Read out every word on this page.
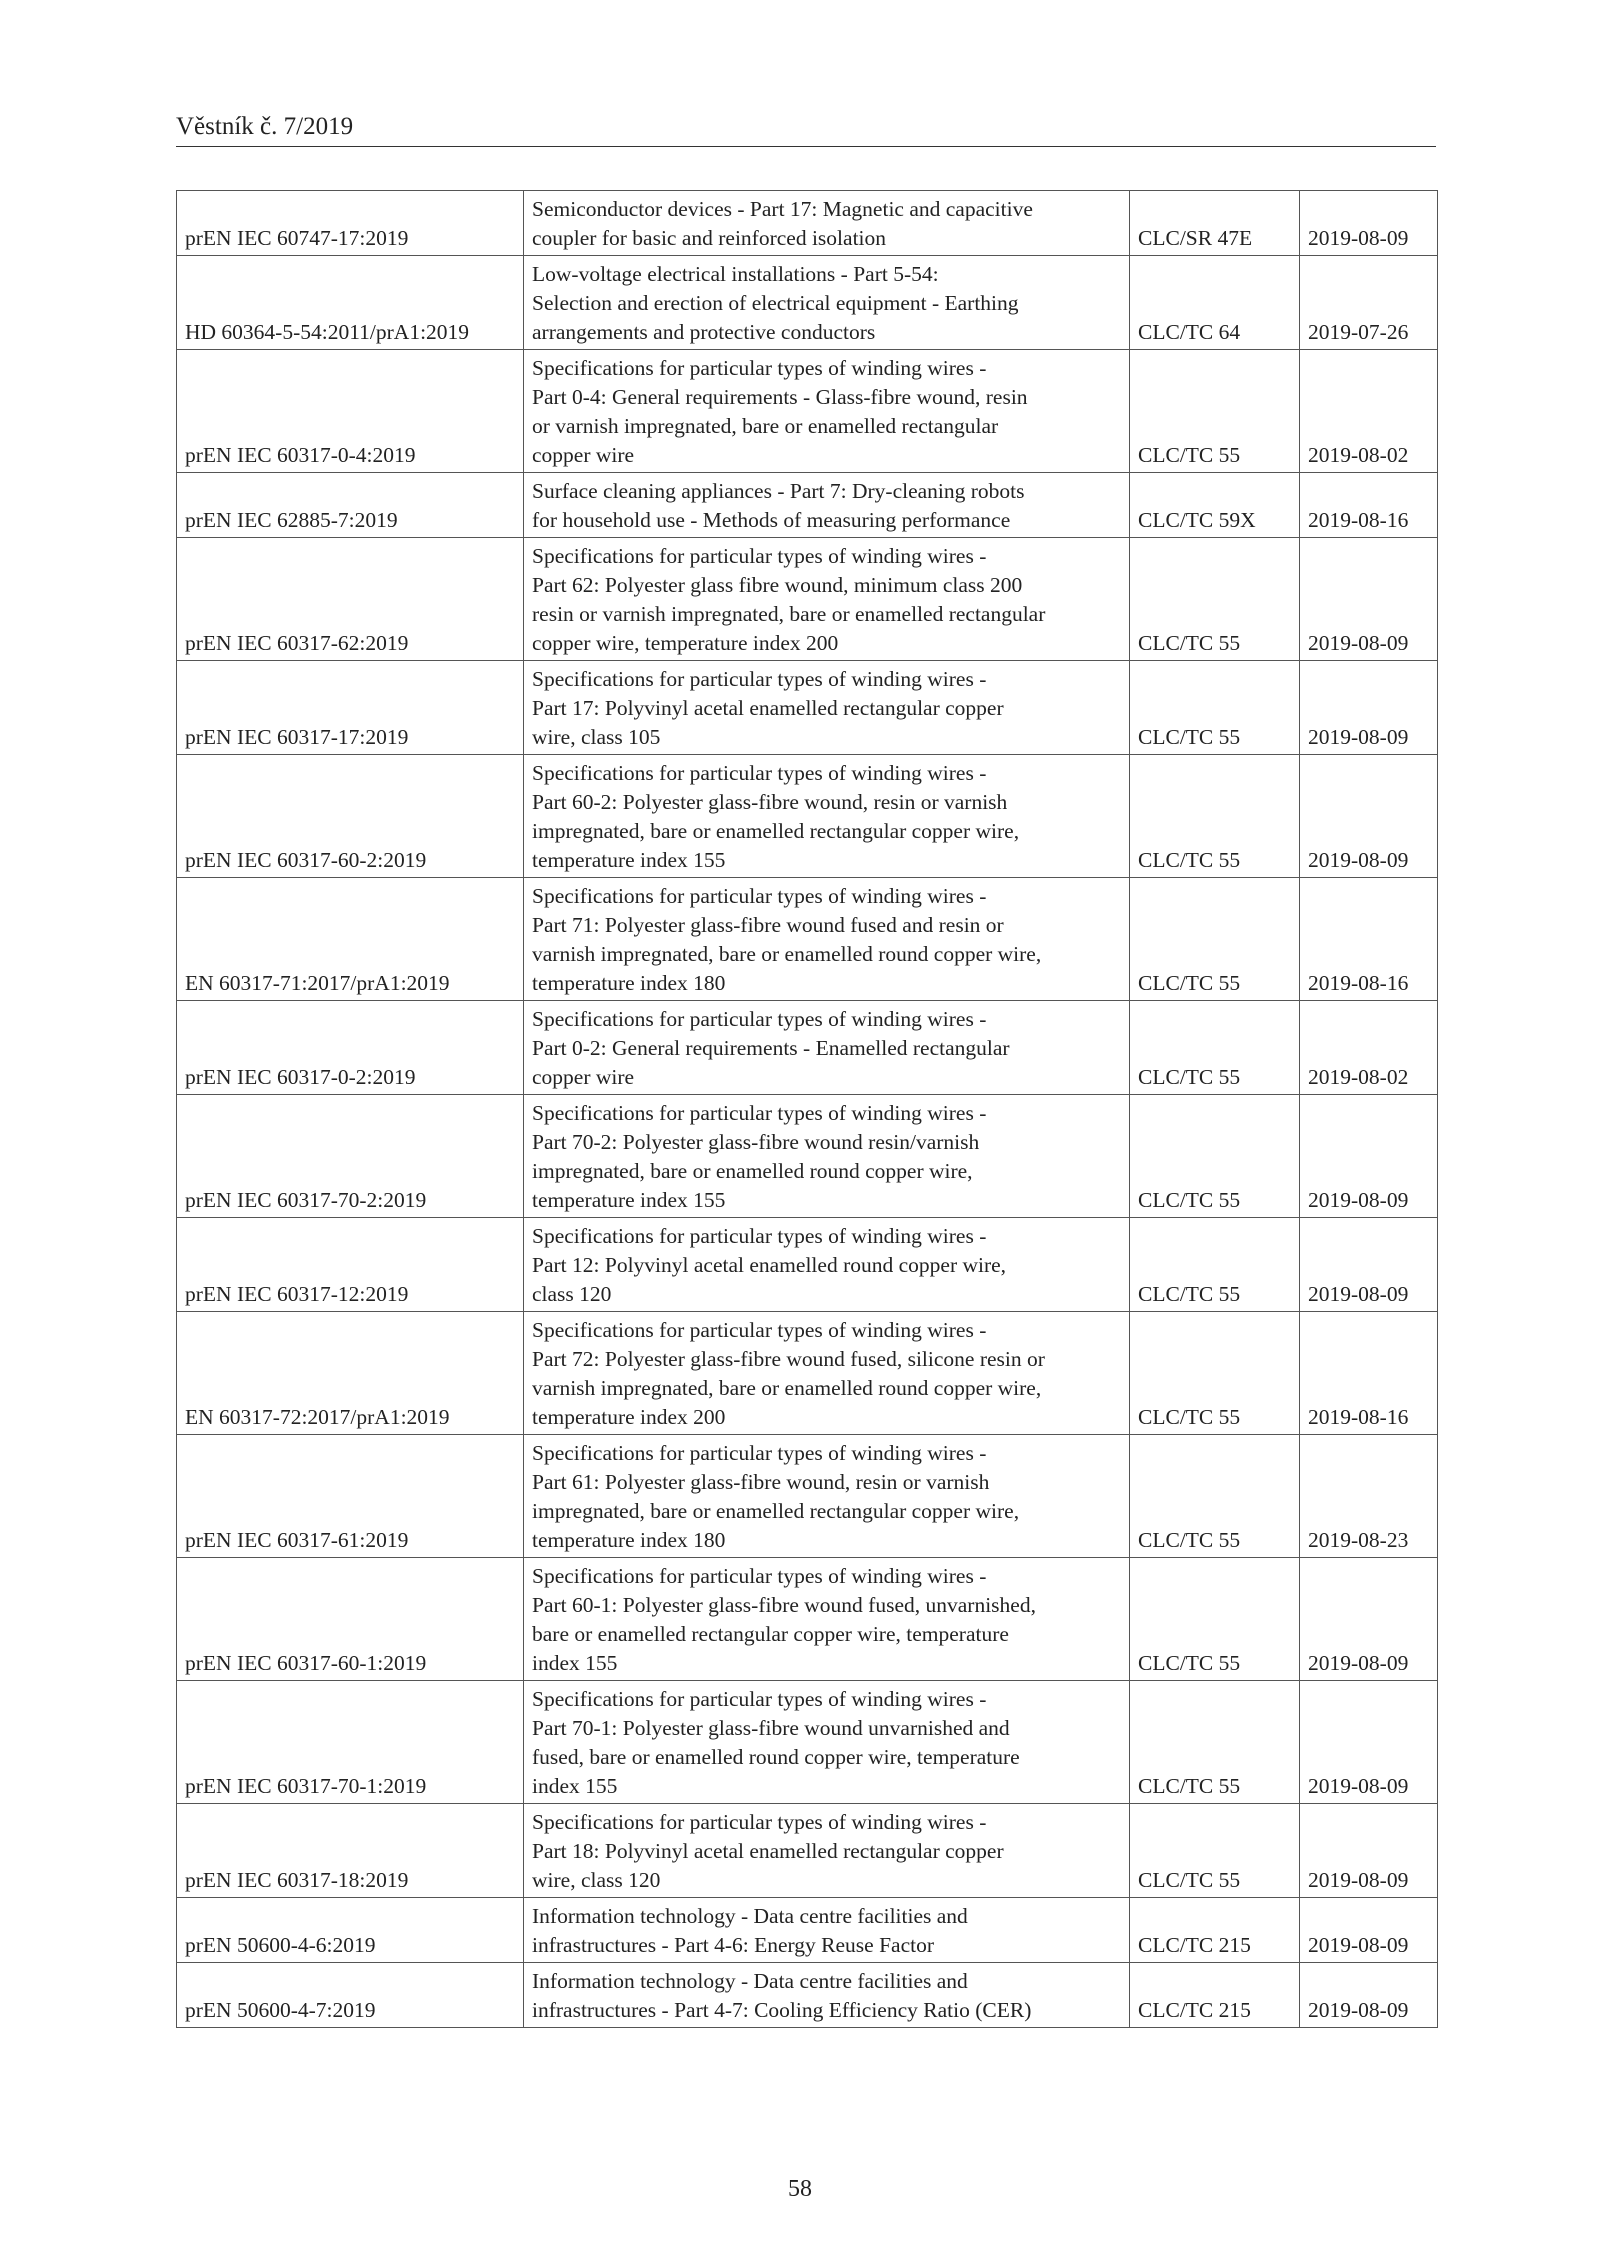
Věstník č. 7/2019
prEN IEC 60747-17:2019	Semiconductor devices - Part 17: Magnetic and capacitive
coupler for basic and reinforced isolation	CLC/SR 47E	2019-08-09
HD 60364-5-54:2011/prA1:2019	Low-voltage electrical installations - Part 5-54:
Selection and erection of electrical equipment - Earthing
arrangements and protective conductors	CLC/TC 64	2019-07-26
prEN IEC 60317-0-4:2019	Specifications for particular types of winding wires -
Part 0-4: General requirements - Glass-fibre wound, resin
or varnish impregnated, bare or enamelled rectangular
copper wire	CLC/TC 55	2019-08-02
prEN IEC 62885-7:2019	Surface cleaning appliances - Part 7: Dry-cleaning robots
for household use - Methods of measuring performance	CLC/TC 59X	2019-08-16
prEN IEC 60317-62:2019	Specifications for particular types of winding wires -
Part 62: Polyester glass fibre wound, minimum class 200
resin or varnish impregnated, bare or enamelled rectangular
copper wire, temperature index 200	CLC/TC 55	2019-08-09
prEN IEC 60317-17:2019	Specifications for particular types of winding wires -
Part 17: Polyvinyl acetal enamelled rectangular copper
wire, class 105	CLC/TC 55	2019-08-09
prEN IEC 60317-60-2:2019	Specifications for particular types of winding wires -
Part 60-2: Polyester glass-fibre wound, resin or varnish
impregnated, bare or enamelled rectangular copper wire,
temperature index 155	CLC/TC 55	2019-08-09
EN 60317-71:2017/prA1:2019	Specifications for particular types of winding wires -
Part 71: Polyester glass-fibre wound fused and resin or
varnish impregnated, bare or enamelled round copper wire,
temperature index 180	CLC/TC 55	2019-08-16
prEN IEC 60317-0-2:2019	Specifications for particular types of winding wires -
Part 0-2: General requirements - Enamelled rectangular
copper wire	CLC/TC 55	2019-08-02
prEN IEC 60317-70-2:2019	Specifications for particular types of winding wires -
Part 70-2: Polyester glass-fibre wound resin/varnish
impregnated, bare or enamelled round copper wire,
temperature index 155	CLC/TC 55	2019-08-09
prEN IEC 60317-12:2019	Specifications for particular types of winding wires -
Part 12: Polyvinyl acetal enamelled round copper wire,
class 120	CLC/TC 55	2019-08-09
EN 60317-72:2017/prA1:2019	Specifications for particular types of winding wires -
Part 72: Polyester glass-fibre wound fused, silicone resin or
varnish impregnated, bare or enamelled round copper wire,
temperature index 200	CLC/TC 55	2019-08-16
prEN IEC 60317-61:2019	Specifications for particular types of winding wires -
Part 61: Polyester glass-fibre wound, resin or varnish
impregnated, bare or enamelled rectangular copper wire,
temperature index 180	CLC/TC 55	2019-08-23
prEN IEC 60317-60-1:2019	Specifications for particular types of winding wires -
Part 60-1: Polyester glass-fibre wound fused, unvarnished,
bare or enamelled rectangular copper wire, temperature
index 155	CLC/TC 55	2019-08-09
prEN IEC 60317-70-1:2019	Specifications for particular types of winding wires -
Part 70-1: Polyester glass-fibre wound unvarnished and
fused, bare or enamelled round copper wire, temperature
index 155	CLC/TC 55	2019-08-09
prEN IEC 60317-18:2019	Specifications for particular types of winding wires -
Part 18: Polyvinyl acetal enamelled rectangular copper
wire, class 120	CLC/TC 55	2019-08-09
prEN 50600-4-6:2019	Information technology - Data centre facilities and
infrastructures - Part 4-6: Energy Reuse Factor	CLC/TC 215	2019-08-09
prEN 50600-4-7:2019	Information technology - Data centre facilities and
infrastructures - Part 4-7: Cooling Efficiency Ratio (CER)	CLC/TC 215	2019-08-09
58
